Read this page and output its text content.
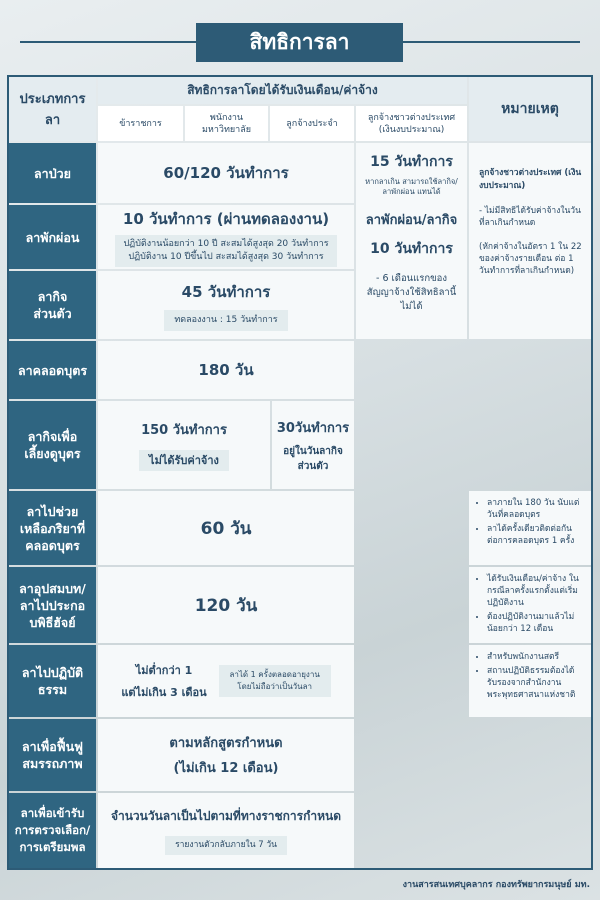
สิทธิการลา
ประเภทการลา
สิทธิการลาโดยได้รับเงินเดือน/ค่าจ้าง
ข้าราชการ
พนักงานมหาวิทยาลัย
ลูกจ้างประจำ
ลูกจ้างชาวต่างประเทศ (เงินงบประมาณ)
หมายเหตุ
ลาป่วย
ลาพักผ่อน
ลากิจส่วนตัว
ลาคลอดบุตร
ลากิจเพื่อเลี้ยงดูบุตร
ลาไปช่วยเหลือภริยาที่คลอดบุตร
ลาอุปสมบท/ลาไปประกอบพิธีฮัจย์
ลาไปปฏิบัติธรรม
ลาเพื่อฟื้นฟูสมรรถภาพ
ลาเพื่อเข้ารับการตรวจเลือก/การเตรียมพล
60/120 วันทำการ
10 วันทำการ (ผ่านทดลองงาน)
ปฏิบัติงานน้อยกว่า 10 ปี สะสมได้สูงสุด 20 วันทำการ
ปฏิบัติงาน 10 ปีขึ้นไป สะสมได้สูงสุด 30 วันทำการ
45 วันทำการ
ทดลองงาน : 15 วันทำการ
15 วันทำการ
หากลาเกิน สามารถใช้ลากิจ/ลาพักผ่อน แทนได้
ลาพักผ่อน/ลากิจ
10 วันทำการ
- 6 เดือนแรกของสัญญาจ้างใช้สิทธิลานี้ไม่ได้
ลูกจ้างชาวต่างประเทศ (เงินงบประมาณ)
- ไม่มีสิทธิได้รับค่าจ้างในวันที่ลาเกินกำหนด
(หักค่าจ้างในอัตรา 1 ใน 22 ของค่าจ้างรายเดือน ต่อ 1 วันทำการที่ลาเกินกำหนด)
180 วัน
150 วันทำการ
ไม่ได้รับค่าจ้าง
30วันทำการ
อยู่ในวันลากิจส่วนตัว
60 วัน
• ลาภายใน 180 วัน นับแต่วันที่คลอดบุตร
• ลาได้ครั้งเดียวติดต่อกัน ต่อการคลอดบุตร 1 ครั้ง
120 วัน
• ได้รับเงินเดือน/ค่าจ้าง ในกรณีลาครั้งแรกตั้งแต่เริ่มปฏิบัติงาน
• ต้องปฏิบัติงานมาแล้วไม่น้อยกว่า 12 เดือน
ไม่ต่ำกว่า 1
แต่ไม่เกิน 3 เดือน
ลาได้ 1 ครั้งตลอดอายุงาน โดยไม่ถือว่าเป็นวันลา
• สำหรับพนักงานสตรี
• สถานปฏิบัติธรรมต้องได้รับรองจากสำนักงานพระพุทธศาสนาแห่งชาติ
ตามหลักสูตรกำหนด
(ไม่เกิน 12 เดือน)
จำนวนวันลาเป็นไปตามที่ทางราชการกำหนด
รายงานตัวกลับภายใน 7 วัน
งานสารสนเทศบุคลากร กองทรัพยากรมนุษย์ มท.
